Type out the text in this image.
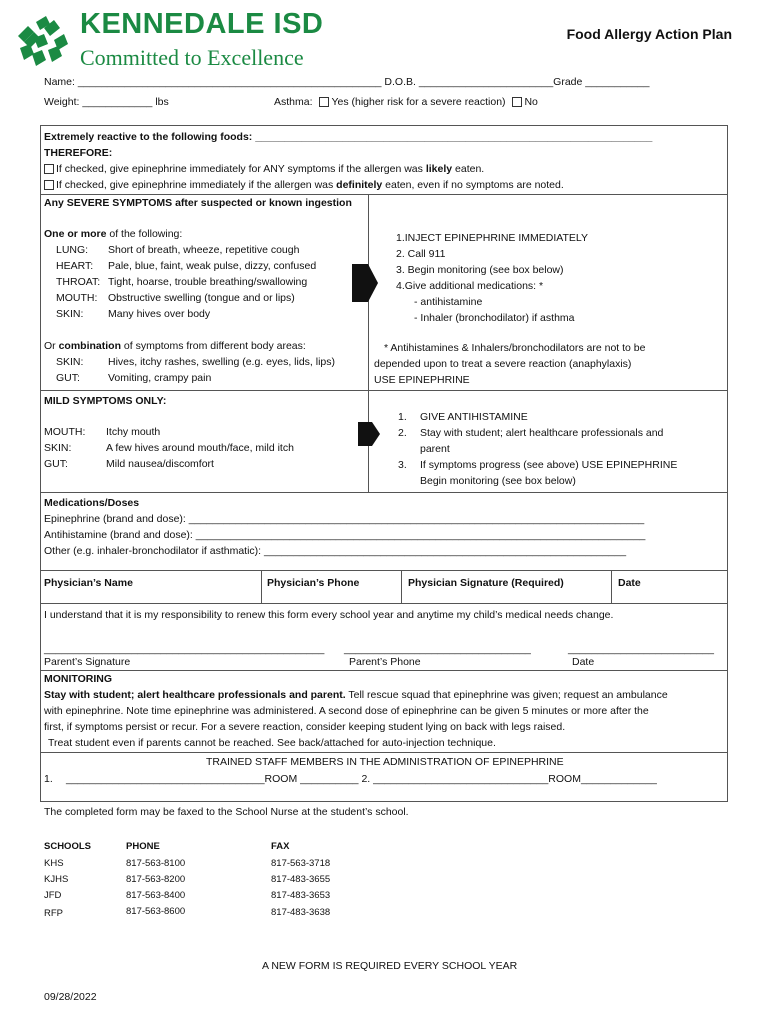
KENNEDALE ISD
Committed to Excellence
Food Allergy Action Plan
Name: ____________________________________________________ D.O.B. _______________________Grade ___________
Weight: ____________ lbs	Asthma: Yes (higher risk for a severe reaction) No
Extremely reactive to the following foods: ____________________________________________________________________
THEREFORE:
If checked, give epinephrine immediately for ANY symptoms if the allergen was likely eaten.
If checked, give epinephrine immediately if the allergen was definitely eaten, even if no symptoms are noted.
Any SEVERE SYMPTOMS after suspected or known ingestion
One or more of the following:
LUNG: Short of breath, wheeze, repetitive cough
HEART: Pale, blue, faint, weak pulse, dizzy, confused
THROAT: Tight, hoarse, trouble breathing/swallowing
MOUTH: Obstructive swelling (tongue and or lips)
SKIN: Many hives over body
Or combination of symptoms from different body areas:
SKIN: Hives, itchy rashes, swelling (e.g. eyes, lids, lips)
GUT:	Vomiting, crampy pain
1.INJECT EPINEPHRINE IMMEDIATELY
2. Call 911
3. Begin monitoring (see box below)
4.Give additional medications: *
- antihistamine
- Inhaler (bronchodilator) if asthma
* Antihistamines & Inhalers/bronchodilators are not to be
depended upon to treat a severe reaction (anaphylaxis)
USE EPINEPHRINE
MILD SYMPTOMS ONLY:
MOUTH: Itchy mouth
SKIN:	A few hives around mouth/face, mild itch
GUT:	Mild nausea/discomfort
1. GIVE ANTIHISTAMINE
2. Stay with student; alert healthcare professionals and
parent
3. If symptoms progress (see above) USE EPINEPHRINE
Begin monitoring (see box below)
Medications/Doses
Epinephrine (brand and dose): ______________________________________________________________________________
Antihistamine (brand and dose): _____________________________________________________________________________
Other (e.g. inhaler-bronchodilator if asthmatic): ______________________________________________________________
Physician’s Name	Physician’s Phone	Physician Signature (Required)	Date
I understand that it is my responsibility to renew this form every school year and anytime my child’s medical needs change.
________________________________________________ ________________________________	_________________________
Parent’s Signature	Parent’s Phone	Date
MONITORING
Stay with student; alert healthcare professionals and parent. Tell rescue squad that epinephrine was given; request an ambulance
with epinephrine. Note time epinephrine was administered. A second dose of epinephrine can be given 5 minutes or more after the
first, if symptoms persist or recur. For a severe reaction, consider keeping student lying on back with legs raised.
Treat student even if parents cannot be reached. See back/attached for auto-injection technique.
TRAINED STAFF MEMBERS IN THE ADMINISTRATION OF EPINEPHRINE
1. __________________________________ROOM __________ 2. ______________________________ROOM_____________
The completed form may be faxed to the School Nurse at the student’s school.
SCHOOLS	PHONE	FAX
KHS	817-563-8100	817-563-3718
KJHS	817-563-8200	817-483-3655
JFD	817-563-8400	817-483-3653
RFP	817-563-8600	817-483-3638
A NEW FORM IS REQUIRED EVERY SCHOOL YEAR
09/28/2022
